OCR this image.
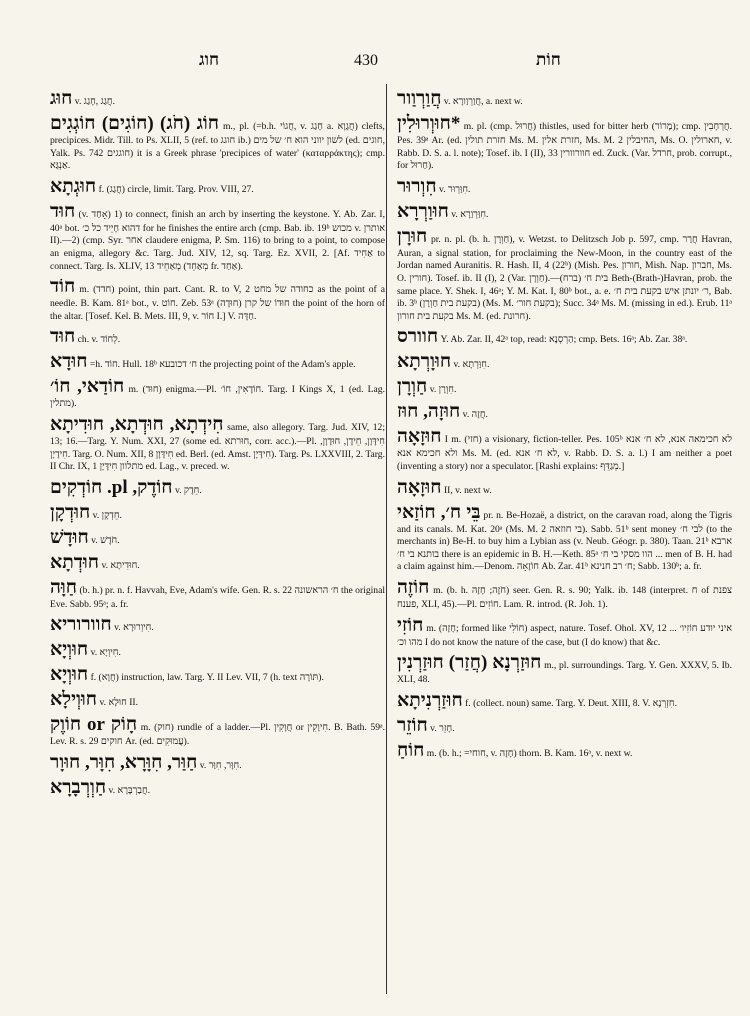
חוג	430	חוֹת

חוּג v. חֲגַג ,חָגַג.

חוֹג (חֹג) (חוֹגִים) חוֹגְגִים m., pl. (=b.h. חֲגוֹי, v. חָגַג a. חֲגָוָא) clefts, precipices. Midr. Till. to Ps. XLII, 5 (ref. to חוגג ib.) לשון יווני הוא ח׳ של מים (ed. חוגים, Yalk. Ps. 742 חוגגים) it is a Greek phrase 'precipices of water' (καταρράκτης); cmp. אַנְגָּא.

חוּגְתָא f. (חֲגַג) circle, limit. Targ. Prov. VIII, 27.

חוּד (v. אָחַד) 1) to connect, finish an arch by inserting the keystone. Y. Ab. Zar. I, 40ᵃ bot. דהוא חָיֵיד כל כ׳ for he finishes the entire arch (cmp. Bab. ib. 19ᵇ מכוש v. אותרן II).—2) (cmp. Syr. אחר claudere enigma, P. Sm. 116) to bring to a point, to compose an enigma, allegory &c. Targ. Jud. XIV, 12, sq. Targ. Ez. XVII, 2. [Af. אַחִיד to connect. Targ. Is. XLIV, 13 מְאַחֵיד (מְאַחֵד fr. אַחַד).

חוֹד m. (חדד) point, thin part. Cant. R. to V, 2 כחודה של מחט as the point of a needle. B. Kam. 81ᵃ bot., v. חוֹט. Zeb. 53ᵃ (חוּדָה) חוּדוֹ של קרן the point of the horn of the altar. [Tosef. Kel. B. Mets. III, 9, v. חוֹר I.] V. חַדָּה.

חוּד ch. v. לְחוֹד.

חוּדָא =h. חוֹד. Hull. 18ᵇ ח׳ דכובעא the projecting point of the Adam's apple.

חוֹדַאי, חוֹ׳ m. (חוּד) enigma.—Pl. חוֹדָאִין, חוֹ׳. Targ. I Kings X, 1 (ed. Lag. מתלין).

חִידְתָא, חוּדְתָא, חוּדִיתָא same, also allegory. Targ. Jud. XIV, 12; 13; 16.—Targ. Y. Num. XXI, 27 (some ed. חוּרתא, corr. acc.).—Pl. חִידָּוָן, חֵידָן, חוּדָוָן, חִידָיָן. Targ. O. Num. XII, 8 חִידָּוָן ed. Berl. (ed. Amst. חִידָּיָן). Targ. Ps. LXXVIII, 2. Targ. II Chr. IX, 1 מתלוון חִידָּיָן ed. Lag., v. preced. w.

חוֹדֶק, pl. חוֹדְקִים v. חֵדֶק.

חוּדְקָן v. חֵדְקָן.

חוּדָשׁ v. חֹדֶשׁ.

חוּדְתָא v. חוּדִיתָא.

חַוָּה (b. h.) pr. n. f. Havvah, Eve, Adam's wife. Gen. R. s. 22 ח׳ הראשונה the original Eve. Sabb. 95ᵃ; a. fr.

חוורוריא v. חִיוְרוּרָא.

חוּוְיָא v. חִיוְיָא.

חוּוְיָא f. (חֲוָא) instruction, law. Targ. Y. II Lev. VII, 7 (h. text תּוֹרָה).

חוּוְילָא v. חוּלָא II.

חָוֹק or חוֹוֶק m. (חוק) rundle of a ladder.—Pl. חֲוָקִין or חִיוָקִין. B. Bath. 59ᵃ. Lev. R. s. 29 חוקים Ar. (ed. עֲמוּקִים).

חַוַּר, חִוָּרָא, חִוָּר, חוּוָר v. חִוָּר, חִוַּר.

חַוְרְבָרָא v. חֲבַרְבָּרָא.

חֲוַרְוַור v. חֲוַרְוַורָא, a. next w.

*חוּוְרוּלִין m. pl. (cmp. חֲרוּל) thistles, used for bitter herb (מָרוֹר); cmp. חֲרְחָבִין. Pes. 39ᵃ Ar. (ed. חזרת תולין Ms. M. חזרת אלין, Ms. M. 2 החיבלין, Ms. O. חארולין, v. Rabb. D. S. a. l. note); Tosef. ib. I (II), 33 חוורוורין ed. Zuck. (Var. חרדל, prob. corrupt., for חַרוּל).

חִוְרוּר v. חִוַּרְוּר.

חוּוַרְרָא v. חִוַּרְוַרָא.

חוּרָן pr. n. pl. (b. h. חַוְרָן), v. Wetzst. to Delitzsch Job p. 597, cmp. חֲרַר Havran, Auran, a signal station, for proclaiming the New-Moon, in the country east of the Jordan named Auranitis. R. Hash. II, 4 (22ᵇ) (Mish. Pes. חורון, Mish. Nap. חברון, Ms. O. חורין). Tosef. ib. II (I), 2 (Var. חַוְרָן).—(ברח) בית ח׳ Beth-(Brath-)Havran, prob. the same place. Y. Shek. I, 46ᵃ; Y. M. Kat. I, 80ᵇ bot., a. e. ר׳ יונתן איש בקעת בית ח׳, Bab. ib. 3ᵇ (בקעת בית חַוְרָן) (Ms. M. בקעת חור׳); Succ. 34ᵃ Ms. M. (missing in ed.). Erub. 11ᵃ בקעת בית חורון Ms. M. (ed. חרונת).

חוורס Y. Ab. Zar. II, 42ᵃ top, read: הַרְסְנָא; cmp. Bets. 16ᵃ; Ab. Zar. 38ᵃ.

חוּוָרְתָא v. חִוַּרְתָא.

חַוְרָן v. חִוְרָן.

חוּזָה, חוּז v. חֲזָה.

חוּזָאָה I m. (חזי) a visionary, fiction-teller. Pes. 105ᵇ לא חכימאה אנא, לא ח׳ אנא ולא חכימא אנא Ms. M. (ed. לא ח׳ אנא, v. Rabb. D. S. a. l.) I am neither a poet (inventing a story) nor a speculator. [Rashi explains: מְגַדֵּף.]

חוּזָאָה II, v. next w.

בֵּי ח׳, חוֹזַאי pr. n. Be-Hozaë, a district, on the caravan road, along the Tigris and its canals. M. Kat. 20ᵃ (Ms. M. 2 בי חוזאה). Sabb. 51ᵇ sent money לבי ח׳ (to the merchants in) Be-H. to buy him a Lybian ass (v. Neub. Géogr. p. 380). Taan. 21ᵇ ארבא בותנא בי ח׳ there is an epidemic in B. H.—Keth. 85ᵃ הוו מסקי בי ח׳ ... men of B. H. had a claim against him.—Denom. חוֹזָאָה Ab. Zar. 41ᵇ ח׳ רב חנינא; Sabb. 130ᵇ; a. fr.

חוֹזֶה m. (b. h. חֹזֶה; חָזָה) seer. Gen. R. s. 90; Yalk. ib. 148 (interpret. ח of צפנת פענח, XLI, 45).—Pl. חוֹזִים. Lam. R. introd. (R. Joh. 1).

חוֹזִי m. (חָזָה; formed like חוֹלִי) aspect, nature. Tosef. Ohol. XV, 12 איני יודע חוֹזִיו׳ ... מהו וכ׳ I do not know the nature of the case, but (I do know) that &c.

חוּזַרְנָא (חֲזַר) חוּזַרְנִין m., pl. surroundings. Targ. Y. Gen. XXXV, 5. Ib. XLI, 48.

חוּזַרְנִיתָא f. (collect. noun) same. Targ. Y. Deut. XIII, 8. V. חִזְרְנָא.

חוֹזֵר v. חָזֵר.

חוֹחַ m. (b. h.; =חוחי, v. חָזָה) thorn. B. Kam. 16ᵃ, v. next w.
